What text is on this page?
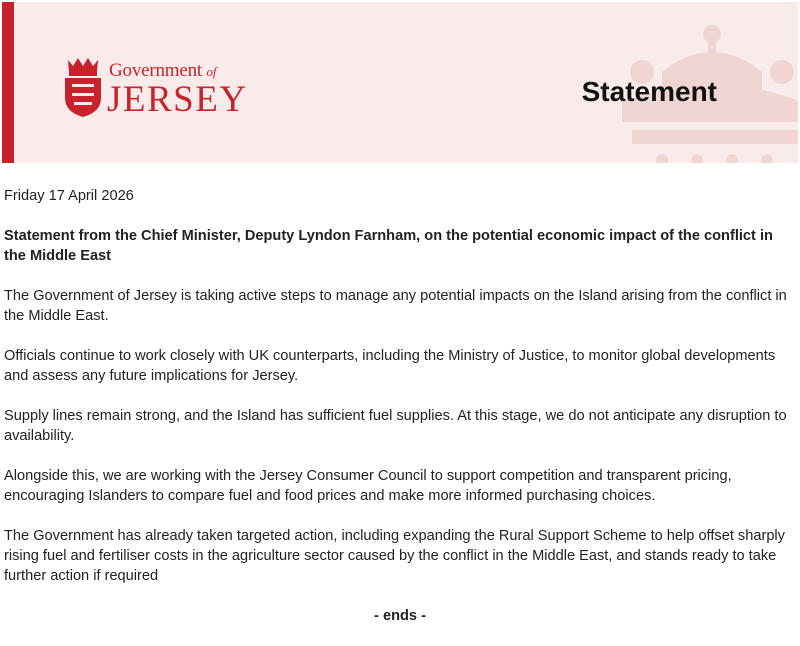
Government of
JERSEY	Statement

Friday 17 April 2026

Statement from the Chief Minister, Deputy Lyndon Farnham, on the potential economic impact of the conflict in the Middle East

The Government of Jersey is taking active steps to manage any potential impacts on the Island arising from the conflict in the Middle East.

Officials continue to work closely with UK counterparts, including the Ministry of Justice, to monitor global developments and assess any future implications for Jersey.

Supply lines remain strong, and the Island has sufficient fuel supplies. At this stage, we do not anticipate any disruption to availability.

Alongside this, we are working with the Jersey Consumer Council to support competition and transparent pricing, encouraging Islanders to compare fuel and food prices and make more informed purchasing choices.

The Government has already taken targeted action, including expanding the Rural Support Scheme to help offset sharply rising fuel and fertiliser costs in the agriculture sector caused by the conflict in the Middle East, and stands ready to take further action if required

- ends -
